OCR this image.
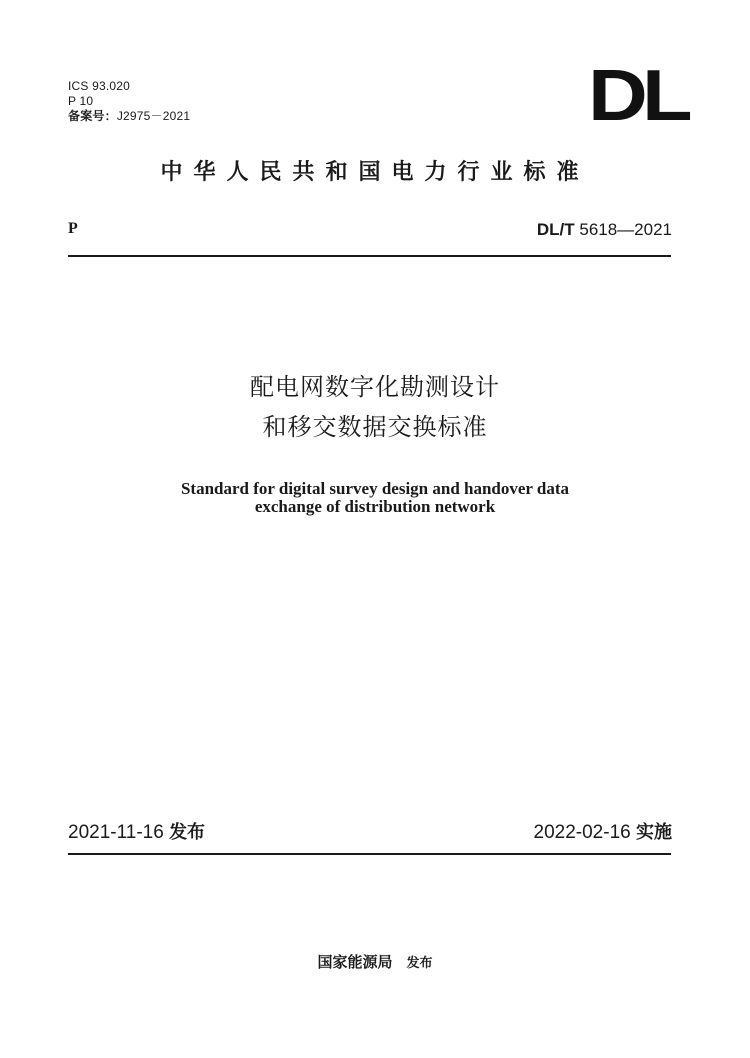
ICS 93.020
P 10
备案号：J2975－2021	DL
中华人民共和国电力行业标准
P	DL/T 5618—2021
配电网数字化勘测设计
和移交数据交换标准
Standard for digital survey design and handover data
exchange of distribution network
2021-11-16 发布	2022-02-16 实施
国家能源局 发布
